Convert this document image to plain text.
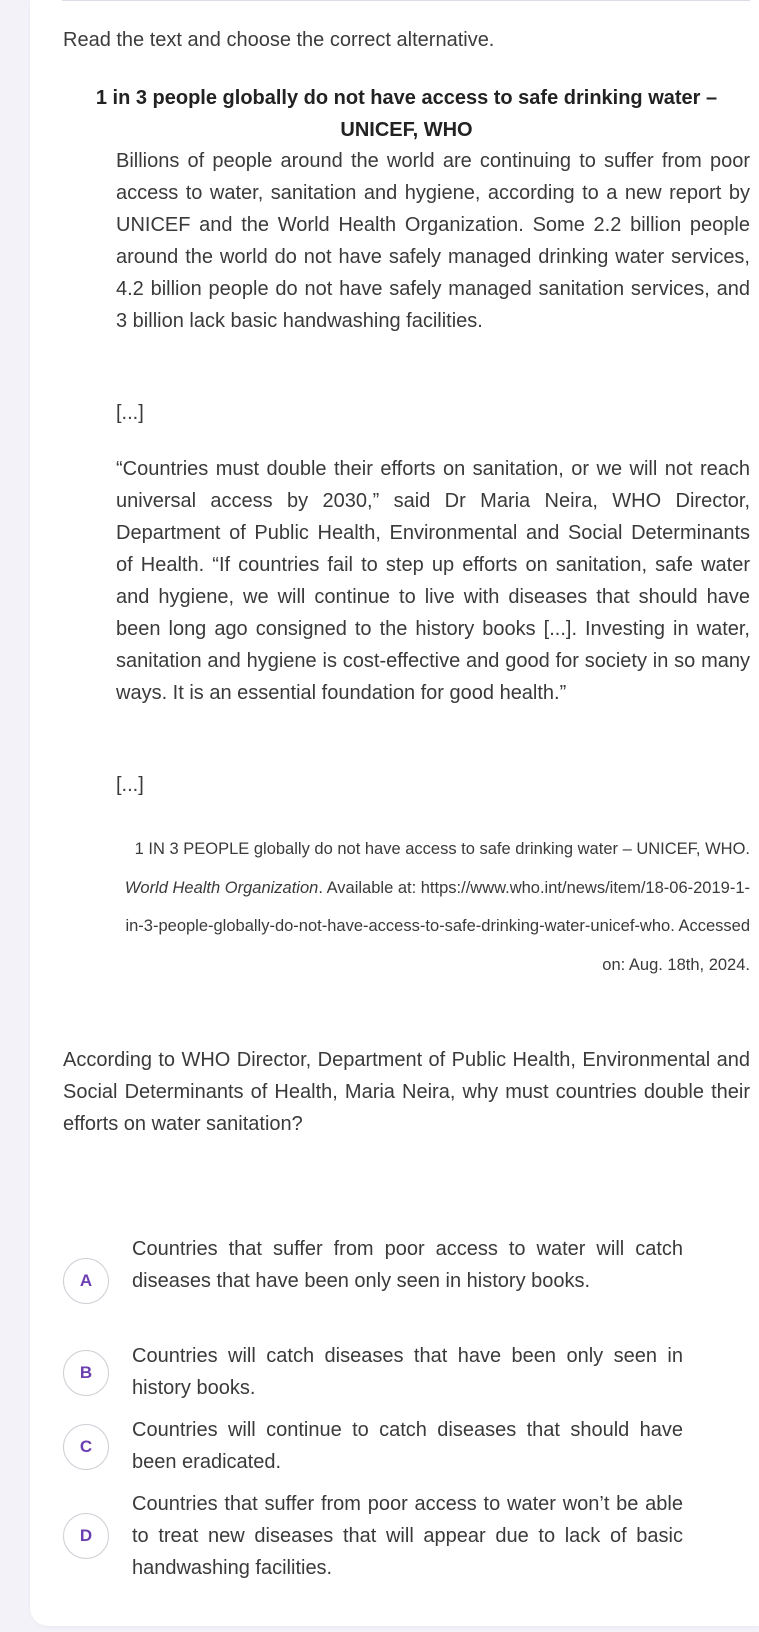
Read the text and choose the correct alternative.
1 in 3 people globally do not have access to safe drinking water – UNICEF, WHO
Billions of people around the world are continuing to suffer from poor access to water, sanitation and hygiene, according to a new report by UNICEF and the World Health Organization. Some 2.2 billion people around the world do not have safely managed drinking water services, 4.2 billion people do not have safely managed sanitation services, and 3 billion lack basic handwashing facilities.
[...]
“Countries must double their efforts on sanitation, or we will not reach universal access by 2030,” said Dr Maria Neira, WHO Director, Department of Public Health, Environmental and Social Determinants of Health. “If countries fail to step up efforts on sanitation, safe water and hygiene, we will continue to live with diseases that should have been long ago consigned to the history books [...]. Investing in water, sanitation and hygiene is cost-effective and good for society in so many ways. It is an essential foundation for good health.”
[...]
1 IN 3 PEOPLE globally do not have access to safe drinking water – UNICEF, WHO. World Health Organization. Available at: https://www.who.int/news/item/18-06-2019-1-in-3-people-globally-do-not-have-access-to-safe-drinking-water-unicef-who. Accessed on: Aug. 18th, 2024.
According to WHO Director, Department of Public Health, Environmental and Social Determinants of Health, Maria Neira, why must countries double their efforts on water sanitation?
A
Countries that suffer from poor access to water will catch diseases that have been only seen in history books.
B
Countries will catch diseases that have been only seen in history books.
C
Countries will continue to catch diseases that should have been eradicated.
D
Countries that suffer from poor access to water won’t be able to treat new diseases that will appear due to lack of basic handwashing facilities.
